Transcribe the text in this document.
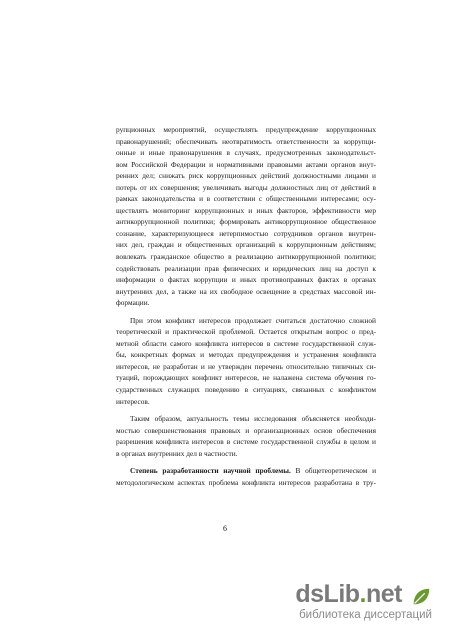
рупционных мероприятий, осуществлять предупреждение коррупционных
правонарушений; обеспечивать неотвратимость ответственности за коррупци-
онные и иные правонарушения в случаях, предусмотренных законодательст-
вом Российской Федерации и нормативными правовыми актами органов внут-
ренних дел; снижать риск коррупционных действий должностными лицами и
потерь от их совершения; увеличивать выгоды должностных лиц от действий в
рамках законодательства и в соответствии с общественными интересами; осу-
ществлять мониторинг коррупционных и иных факторов, эффективности мер
антикоррупционной политики; формировать антикоррупционное общественное
сознание, характеризующееся нетерпимостью сотрудников органов внутрен-
них дел, граждан и общественных организаций к коррупционным действиям;
вовлекать гражданское общество в реализацию антикоррупционной политики;
содействовать реализации прав физических и юридических лиц на доступ к
информации о фактах коррупции и иных противоправных фактах в органах
внутренних дел, а также на их свободное освещение в средствах массовой ин-
формации.
При этом конфликт интересов продолжает считаться достаточно сложной
теоретической и практической проблемой. Остается открытым вопрос о пред-
метной области самого конфликта интересов в системе государственной служ-
бы, конкретных формах и методах предупреждения и устранения конфликта
интересов, не разработан и не утвержден перечень относительно типичных си-
туаций, порождающих конфликт интересов, не налажена система обучения го-
сударственных служащих поведению в ситуациях, связанных с конфликтом
интересов.
Таким образом, актуальность темы исследования объясняется необходи-
мостью совершенствования правовых и организационных основ обеспечения
разрешения конфликта интересов в системе государственной службы в целом и
в органах внутренних дел в частности.
Степень разработанности научной проблемы. В общетеоретическом и
методологическом аспектах проблема конфликта интересов разработана в тру-
6
dsLib.net
библиотека диссертаций
